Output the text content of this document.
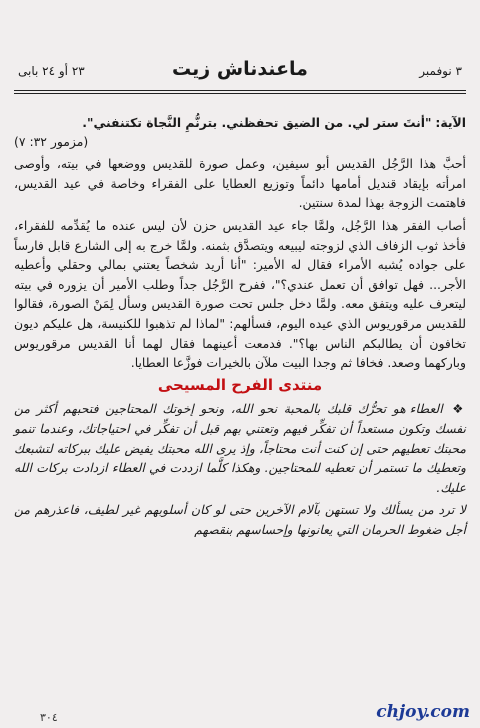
٢٣ أو ٢٤ بابى	ماعندناش زيت	٣ نوفمبر

الآية: "أنتَ ستر لي. من الضيق تحفظني. بترنُّمِ النَّجاة تكتنفني".
(مزمور ٣٢: ٧)

أحبَّ هذا الرَّجُل القديس أبو سيفين، وعمل صورة للقديس ووضعها في بيته، وأوصى امرأته بإيقاد قنديل أمامها دائماً وتوزيع العطايا على الفقراء وخاصة في عيد القديس، فاهتمت الزوجة بهذا لمدة سنتين.

أصاب الفقر هذا الرَّجُل، ولمَّا جاء عيد القديس حزن لأن ليس عنده ما يُقدِّمه للفقراء، فأخذ ثوب الزفاف الذي لزوجته ليبيعه ويتصدَّق بثمنه. ولمَّا خرج به إلى الشارع قابل فارساً على جواده يُشبه الأمراء فقال له الأمير: "أنا أريد شخصاً يعتني بمالي وحقلي وأعطيه الأجر... فهل توافق أن تعمل عندي؟"، ففرح الرَّجُل جداً وطلب الأمير أن يزوره في بيته ليتعرف عليه ويتفق معه. ولمَّا دخل جلس تحت صورة القديس وسأل لِمَنْ الصورة، فقالوا للقديس مرقوريوس الذي عيده اليوم، فسألهم: "لماذا لم تذهبوا للكنيسة، هل عليكم ديون تخافون أن يطالبكم الناس بها؟". فدمعت أعينهما فقال لهما أنا القديس مرقوريوس وباركهما وصعد. فخافا ثم وجدا البيت ملآن بالخيرات فوزَّعا العطايا.

منتدى الفرح المسيحى

❖ العطاء هو تحرُّك قلبك بالمحبة نحو الله، ونحو إخوتك المحتاجين فتحبهم أكثر من نفسك وتكون مستعداً أن تفكِّر فيهم وتعتني بهم قبل أن تفكِّر في احتياجاتك، وعندما تنمو محبتك تعطيهم حتى إن كنت أنت محتاجاً، وإذ يرى الله محبتك يفيض عليك ببركاته لتشبعك وتعطيك ما تستمر أن تعطيه للمحتاجين. وهكذا كلَّما ازددت في العطاء ازدادت بركات الله عليك.

لا ترد من يسألك ولا تستهن بآلام الآخرين حتى لو كان أسلوبهم غير لطيف، فاعذرهم من أجل ضغوط الحرمان التي يعانونها وإحساسهم بنقصهم

٣٠٤	chjoy.com
